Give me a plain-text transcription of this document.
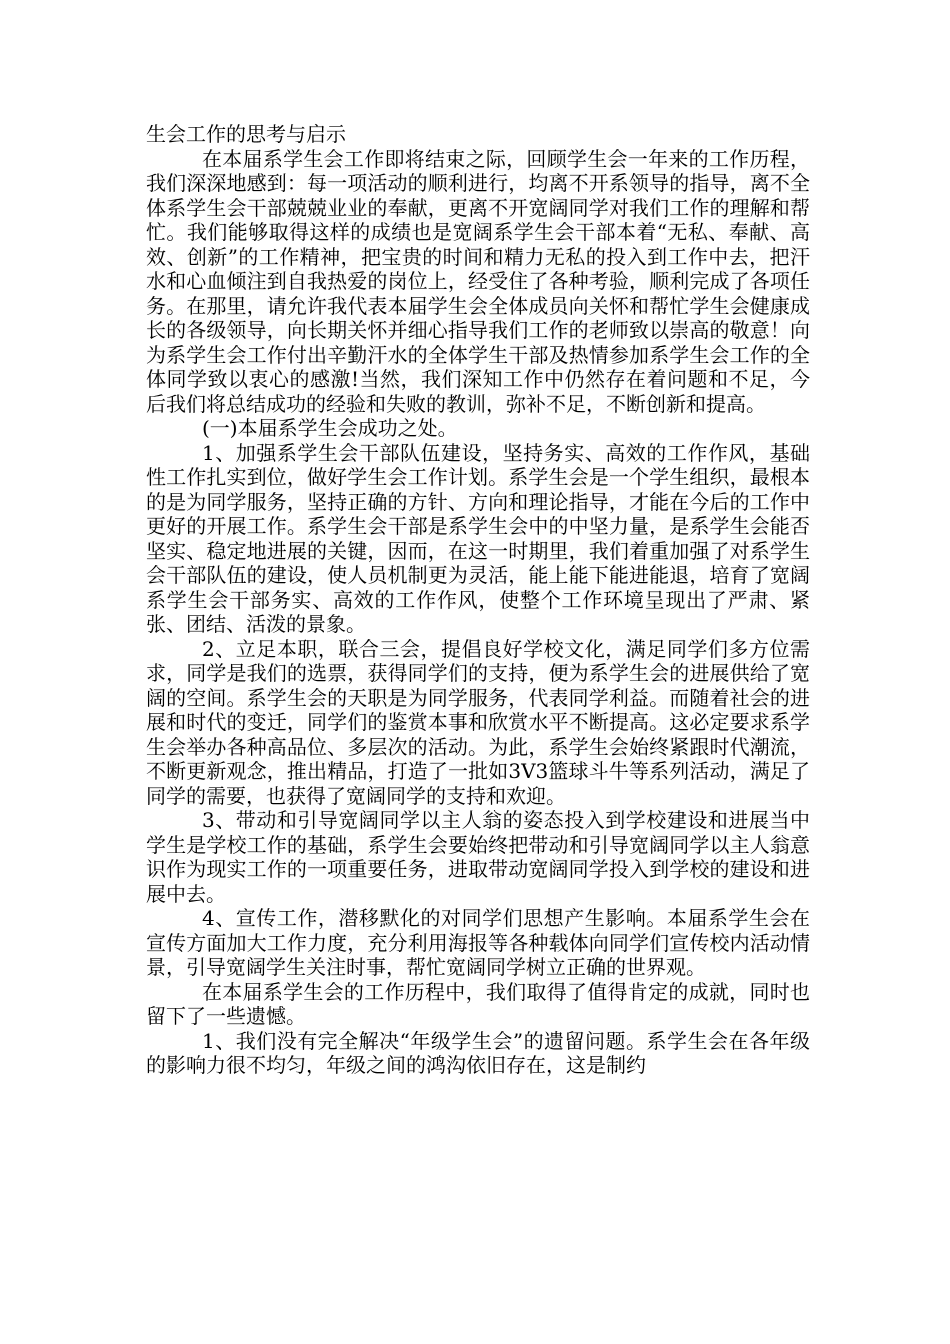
生会工作的思考与启示

在本届系学生会工作即将结束之际，回顾学生会一年来的工作历程，我们深深地感到：每一项活动的顺利进行，均离不开系领导的指导，离不全体系学生会干部兢兢业业的奉献，更离不开宽阔同学对我们工作的理解和帮忙。我们能够取得这样的成绩也是宽阔系学生会干部本着“无私、奉献、高效、创新”的工作精神，把宝贵的时间和精力无私的投入到工作中去，把汗水和心血倾注到自我热爱的岗位上，经受住了各种考验，顺利完成了各项任务。在那里，请允许我代表本届学生会全体成员向关怀和帮忙学生会健康成长的各级领导，向长期关怀并细心指导我们工作的老师致以崇高的敬意！向为系学生会工作付出辛勤汗水的全体学生干部及热情参加系学生会工作的全体同学致以衷心的感激!当然，我们深知工作中仍然存在着问题和不足，今后我们将总结成功的经验和失败的教训，弥补不足，不断创新和提高。

(一)本届系学生会成功之处。

1、加强系学生会干部队伍建设，坚持务实、高效的工作作风，基础性工作扎实到位，做好学生会工作计划。系学生会是一个学生组织，最根本的是为同学服务，坚持正确的方针、方向和理论指导，才能在今后的工作中更好的开展工作。系学生会干部是系学生会中的中坚力量，是系学生会能否坚实、稳定地进展的关键，因而，在这一时期里，我们着重加强了对系学生会干部队伍的建设，使人员机制更为灵活，能上能下能进能退，培育了宽阔系学生会干部务实、高效的工作作风，使整个工作环境呈现出了严肃、紧张、团结、活泼的景象。

2、立足本职，联合三会，提倡良好学校文化，满足同学们多方位需求，同学是我们的选票，获得同学们的支持，便为系学生会的进展供给了宽阔的空间。系学生会的天职是为同学服务，代表同学利益。而随着社会的进展和时代的变迁，同学们的鉴赏本事和欣赏水平不断提高。这必定要求系学生会举办各种高品位、多层次的活动。为此，系学生会始终紧跟时代潮流，不断更新观念，推出精品，打造了一批如3V3篮球斗牛等系列活动，满足了同学的需要，也获得了宽阔同学的支持和欢迎。

3、带动和引导宽阔同学以主人翁的姿态投入到学校建设和进展当中学生是学校工作的基础，系学生会要始终把带动和引导宽阔同学以主人翁意识作为现实工作的一项重要任务，进取带动宽阔同学投入到学校的建设和进展中去。

4、宣传工作，潜移默化的对同学们思想产生影响。本届系学生会在宣传方面加大工作力度，充分利用海报等各种载体向同学们宣传校内活动情景，引导宽阔学生关注时事，帮忙宽阔同学树立正确的世界观。

在本届系学生会的工作历程中，我们取得了值得肯定的成就，同时也留下了一些遗憾。

1、我们没有完全解决“年级学生会”的遗留问题。系学生会在各年级的影响力很不均匀，年级之间的鸿沟依旧存在，这是制约
